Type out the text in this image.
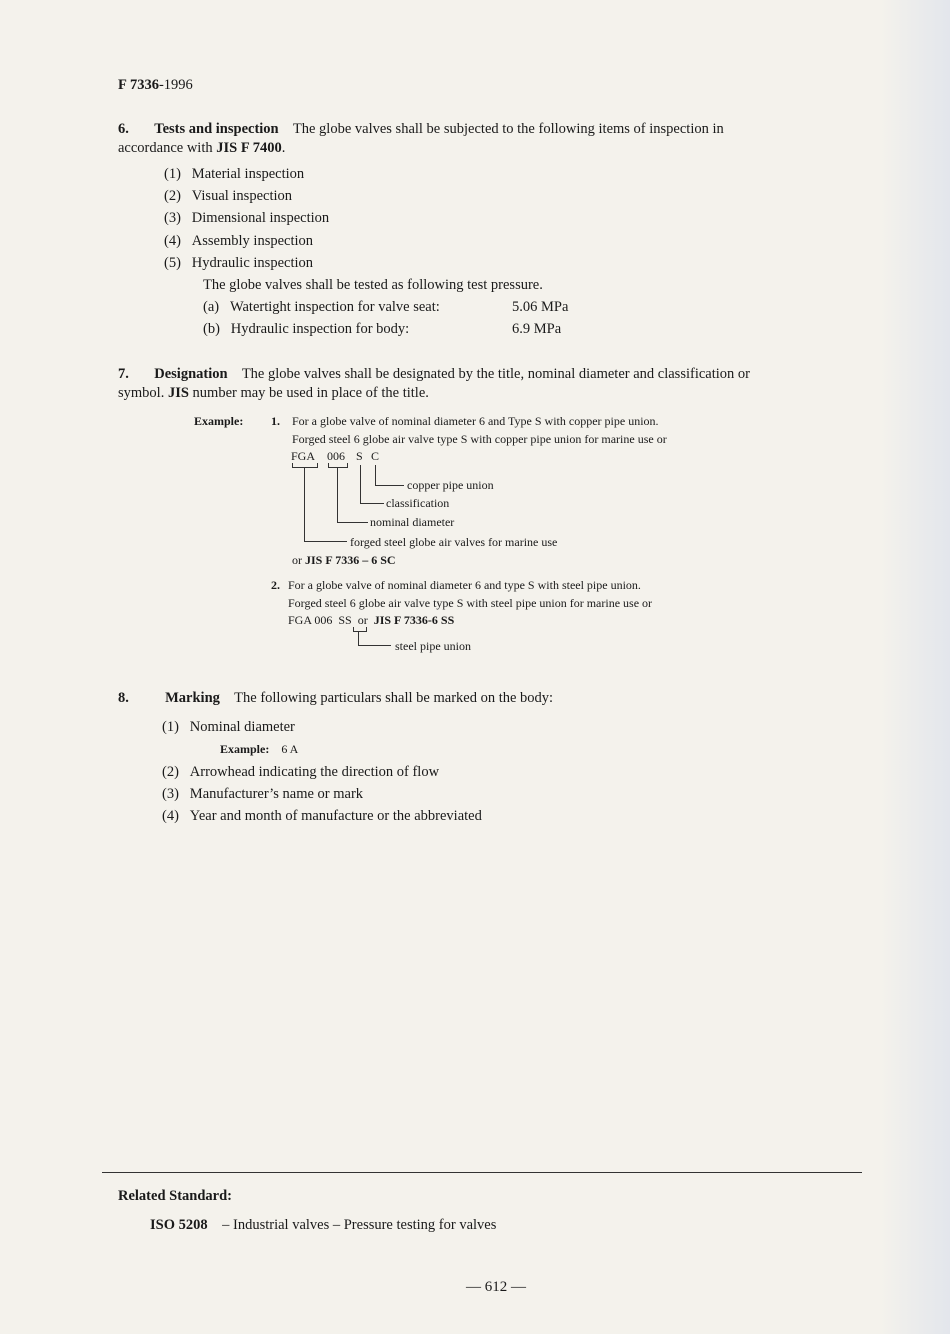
F 7336-1996
6. Tests and inspection The globe valves shall be subjected to the following items of inspection in
accordance with JIS F 7400.
(1) Material inspection
(2) Visual inspection
(3) Dimensional inspection
(4) Assembly inspection
(5) Hydraulic inspection
The globe valves shall be tested as following test pressure.
(a) Watertight inspection for valve seat:	5.06 MPa
(b) Hydraulic inspection for body:	6.9 MPa
7. Designation The globe valves shall be designated by the title, nominal diameter and classification or
symbol. JIS number may be used in place of the title.
Example: 1. For a globe valve of nominal diameter 6 and Type S with copper pipe union.
Forged steel 6 globe air valve type S with copper pipe union for marine use or
FGA 006 S C
copper pipe union
classification
nominal diameter
forged steel globe air valves for marine use
or JIS F 7336 – 6 SC
2. For a globe valve of nominal diameter 6 and type S with steel pipe union.
Forged steel 6 globe air valve type S with steel pipe union for marine use or
FGA 006 SS or JIS F 7336-6 SS
steel pipe union
8.	Marking The following particulars shall be marked on the body:
(1) Nominal diameter
Example: 6 A
(2) Arrowhead indicating the direction of flow
(3) Manufacturer’s name or mark
(4) Year and month of manufacture or the abbreviated
Related Standard:
ISO 5208 – Industrial valves – Pressure testing for valves
— 612 —
